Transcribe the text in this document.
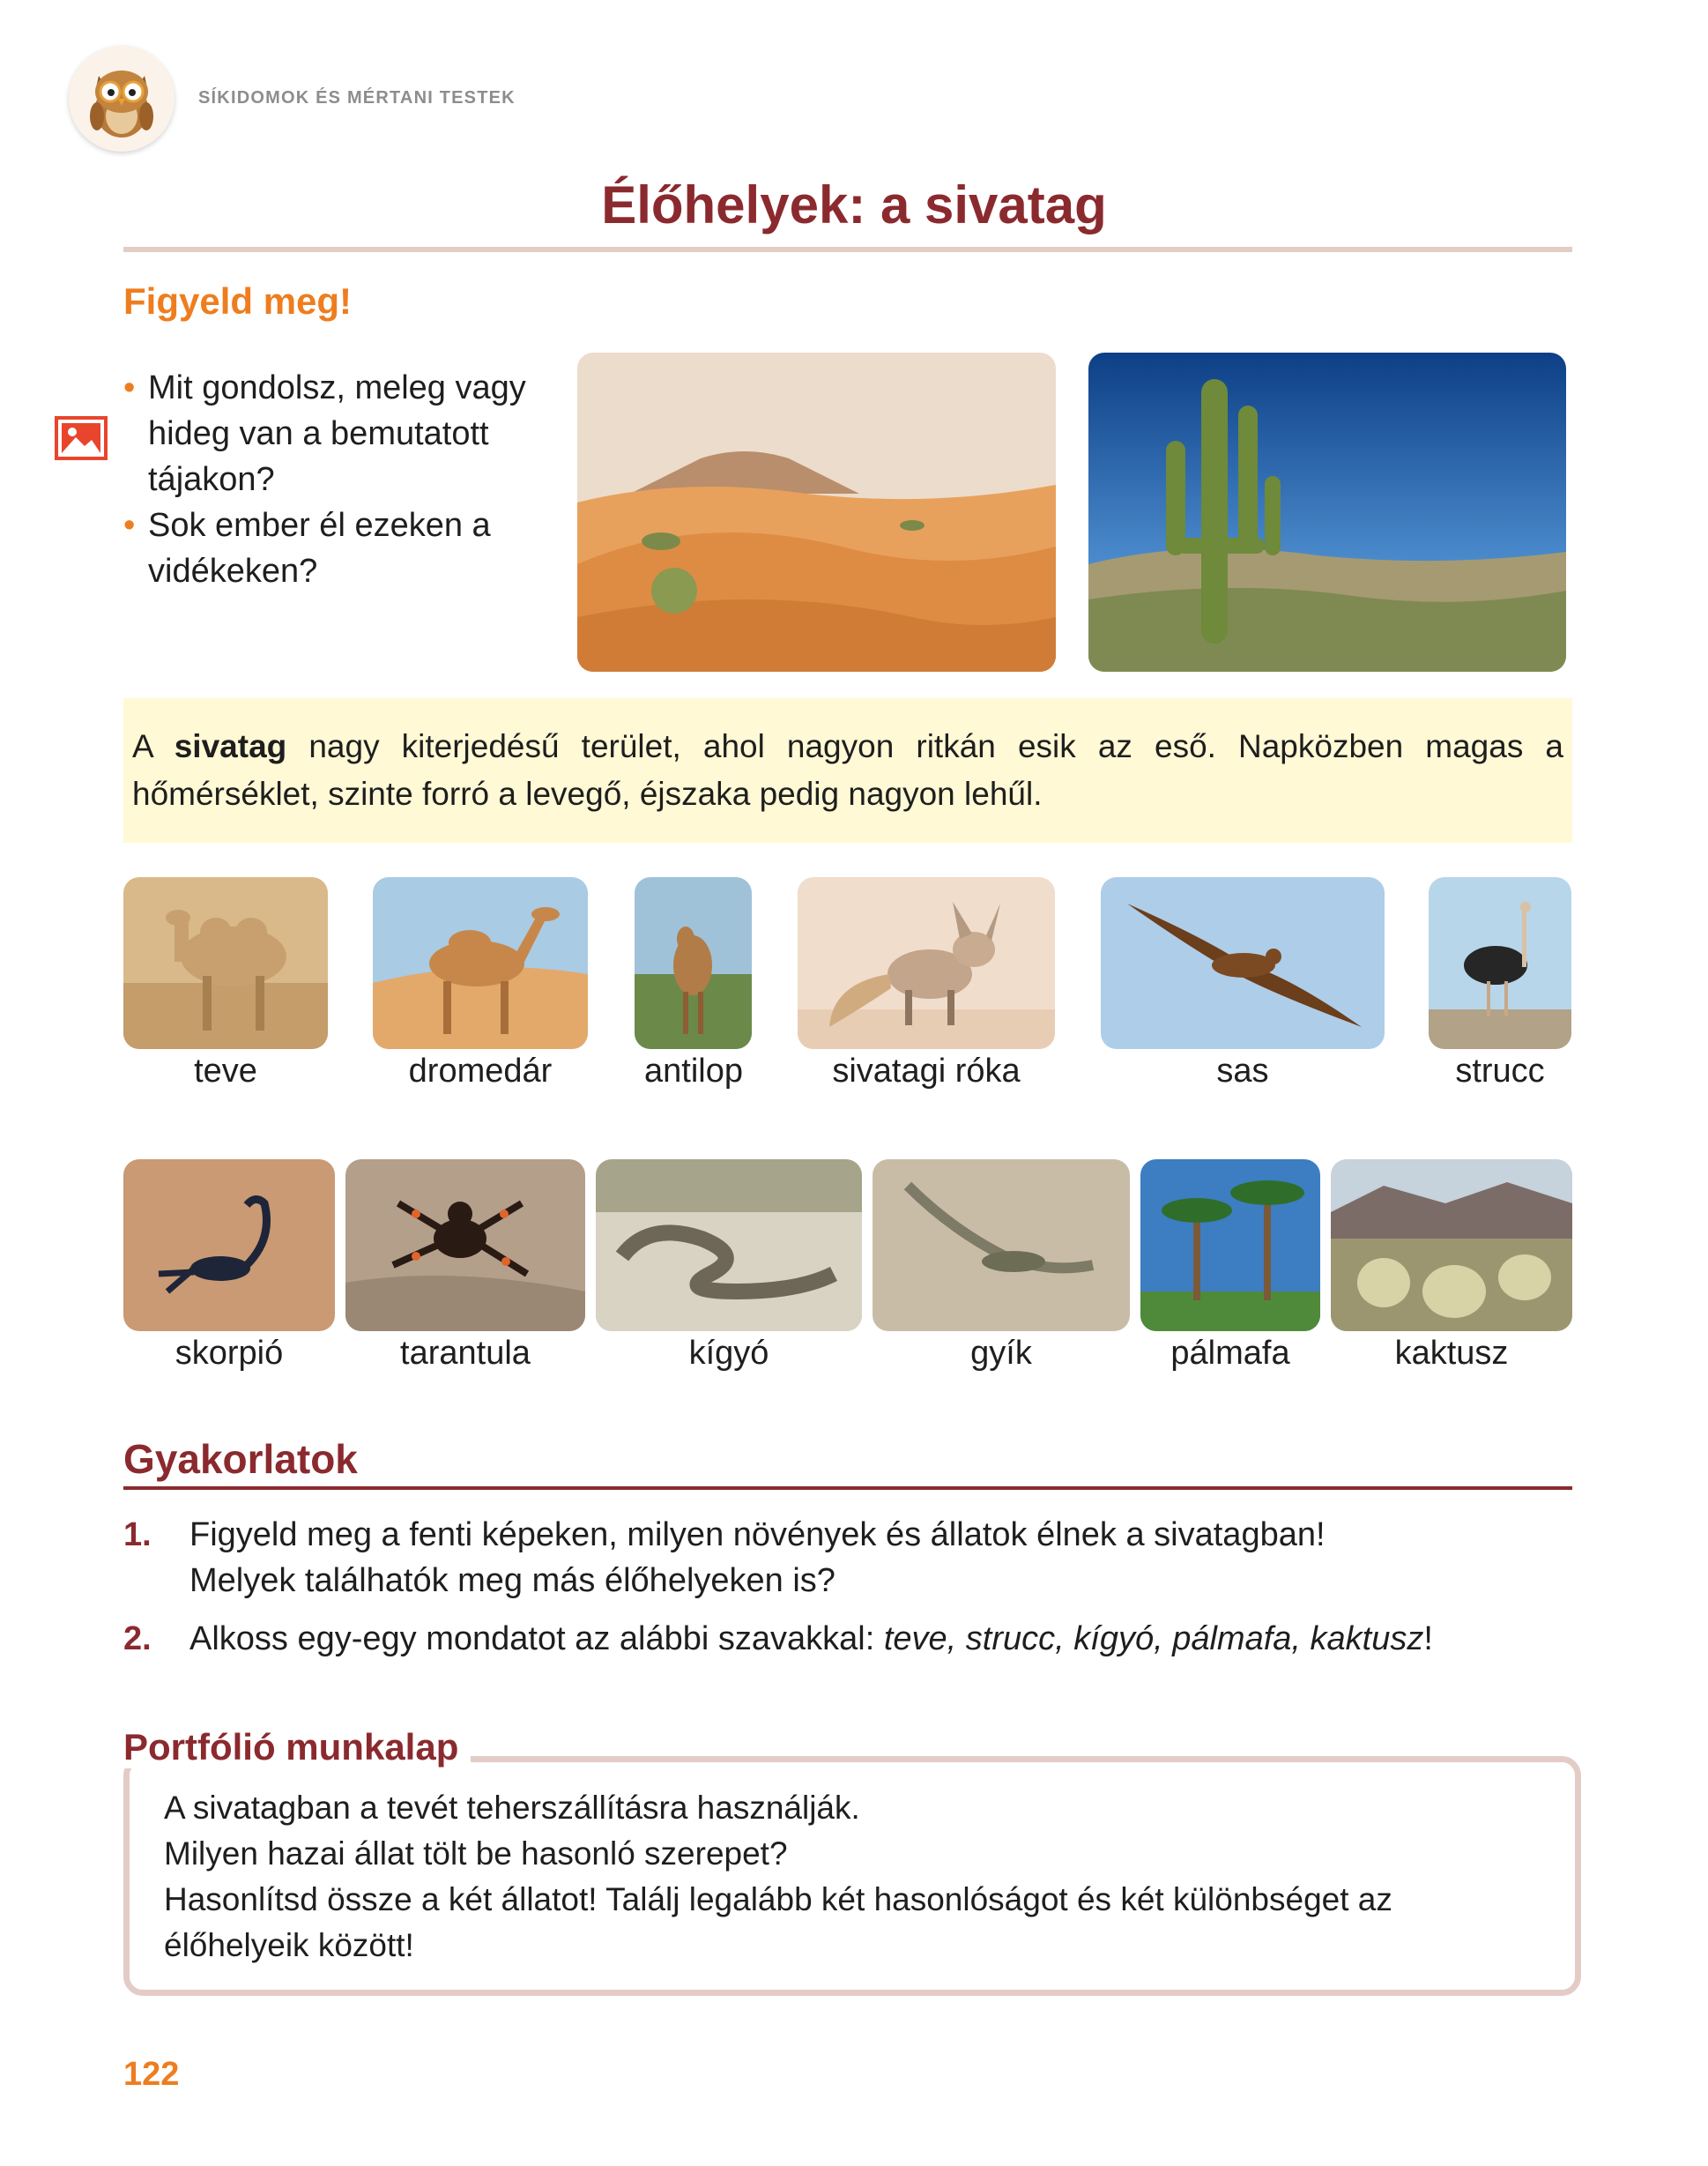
SÍKIDOMOK ÉS MÉRTANI TESTEK
Élőhelyek: a sivatag
Figyeld meg!
• Mit gondolsz, meleg vagy hideg van a bemutatott tájakon?
• Sok ember él ezeken a vidékeken?

A sivatag nagy kiterjedésű terület, ahol nagyon ritkán esik az eső. Napközben magas a hőmérséklet, szinte forró a levegő, éjszaka pedig nagyon lehűl.

teve	dromedár	antilop	sivatagi róka	sas	strucc
skorpió	tarantula	kígyó	gyík	pálmafa	kaktusz
Gyakorlatok
1. Figyeld meg a fenti képeken, milyen növények és állatok élnek a sivatagban!
Melyek találhatók meg más élőhelyeken is?
2. Alkoss egy-egy mondatot az alábbi szavakkal: teve, strucc, kígyó, pálmafa, kaktusz!
Portfólió munkalap
A sivatagban a tevét teherszállításra használják.
Milyen hazai állat tölt be hasonló szerepet?
Hasonlítsd össze a két állatot! Találj legalább két hasonlóságot és két különbséget az
élőhelyeik között!
122
